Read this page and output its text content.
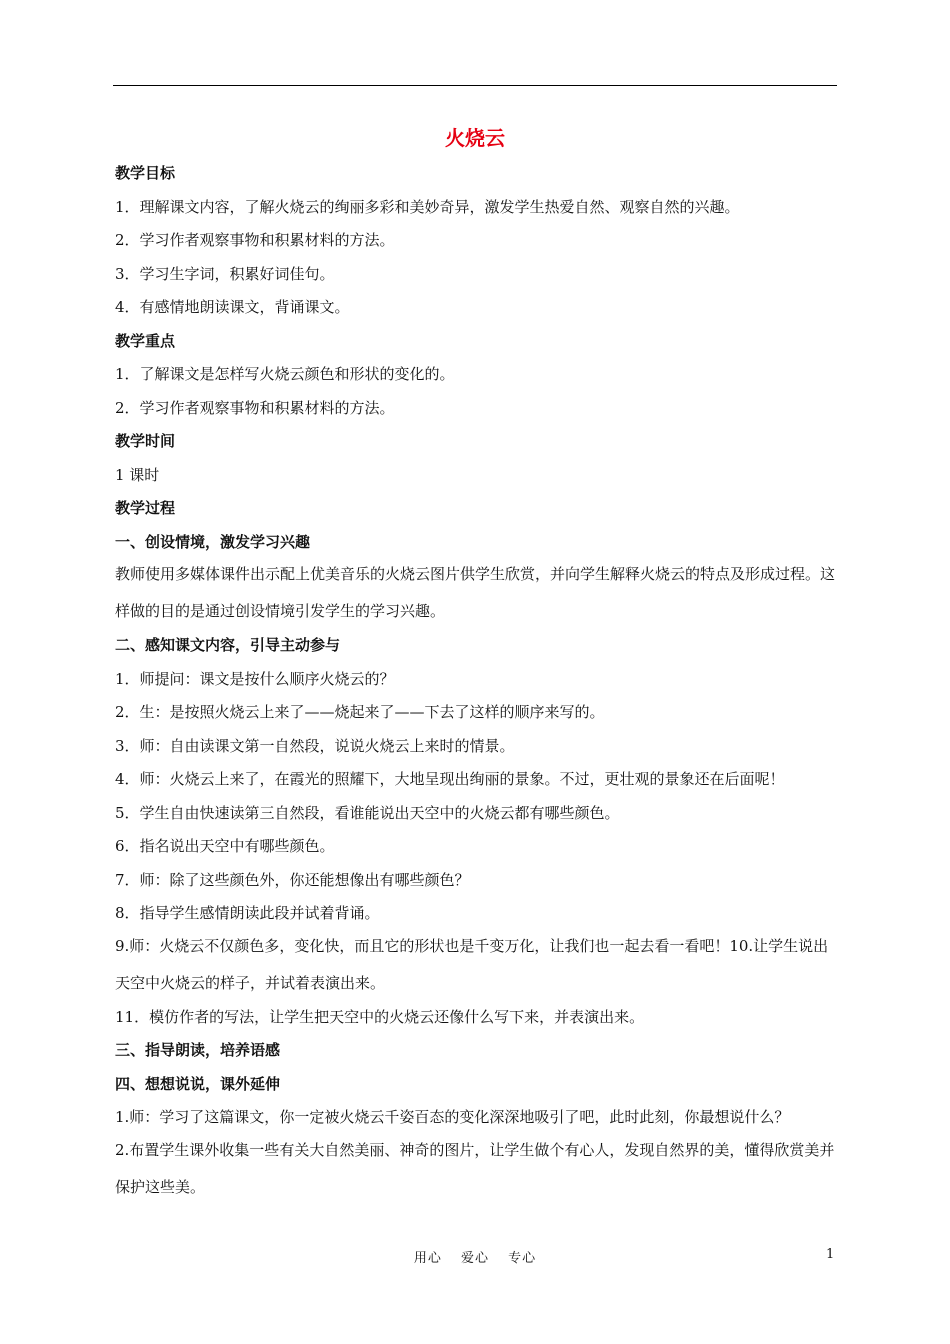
火烧云
教学目标
1．理解课文内容，了解火烧云的绚丽多彩和美妙奇异，激发学生热爱自然、观察自然的兴趣。
2．学习作者观察事物和积累材料的方法。
3．学习生字词，积累好词佳句。
4．有感情地朗读课文，背诵课文。
教学重点
1．了解课文是怎样写火烧云颜色和形状的变化的。
2．学习作者观察事物和积累材料的方法。
教学时间
1 课时
教学过程
一、创设情境，激发学习兴趣
教师使用多媒体课件出示配上优美音乐的火烧云图片供学生欣赏，并向学生解释火烧云的特点及形成过程。这样做的目的是通过创设情境引发学生的学习兴趣。
二、感知课文内容，引导主动参与
1．师提问：课文是按什么顺序火烧云的？
2．生：是按照火烧云上来了——烧起来了——下去了这样的顺序来写的。
3．师：自由读课文第一自然段，说说火烧云上来时的情景。
4．师：火烧云上来了，在霞光的照耀下，大地呈现出绚丽的景象。不过，更壮观的景象还在后面呢！
5．学生自由快速读第三自然段，看谁能说出天空中的火烧云都有哪些颜色。
6．指名说出天空中有哪些颜色。
7．师：除了这些颜色外，你还能想像出有哪些颜色？
8．指导学生感情朗读此段并试着背诵。
9.师：火烧云不仅颜色多，变化快，而且它的形状也是千变万化，让我们也一起去看一看吧！10.让学生说出天空中火烧云的样子，并试着表演出来。
11．模仿作者的写法，让学生把天空中的火烧云还像什么写下来，并表演出来。
三、指导朗读，培养语感
四、想想说说，课外延伸
1.师：学习了这篇课文，你一定被火烧云千姿百态的变化深深地吸引了吧，此时此刻，你最想说什么？
2.布置学生课外收集一些有关大自然美丽、神奇的图片，让学生做个有心人，发现自然界的美，懂得欣赏美并保护这些美。
用心　 爱心　 专心	1
